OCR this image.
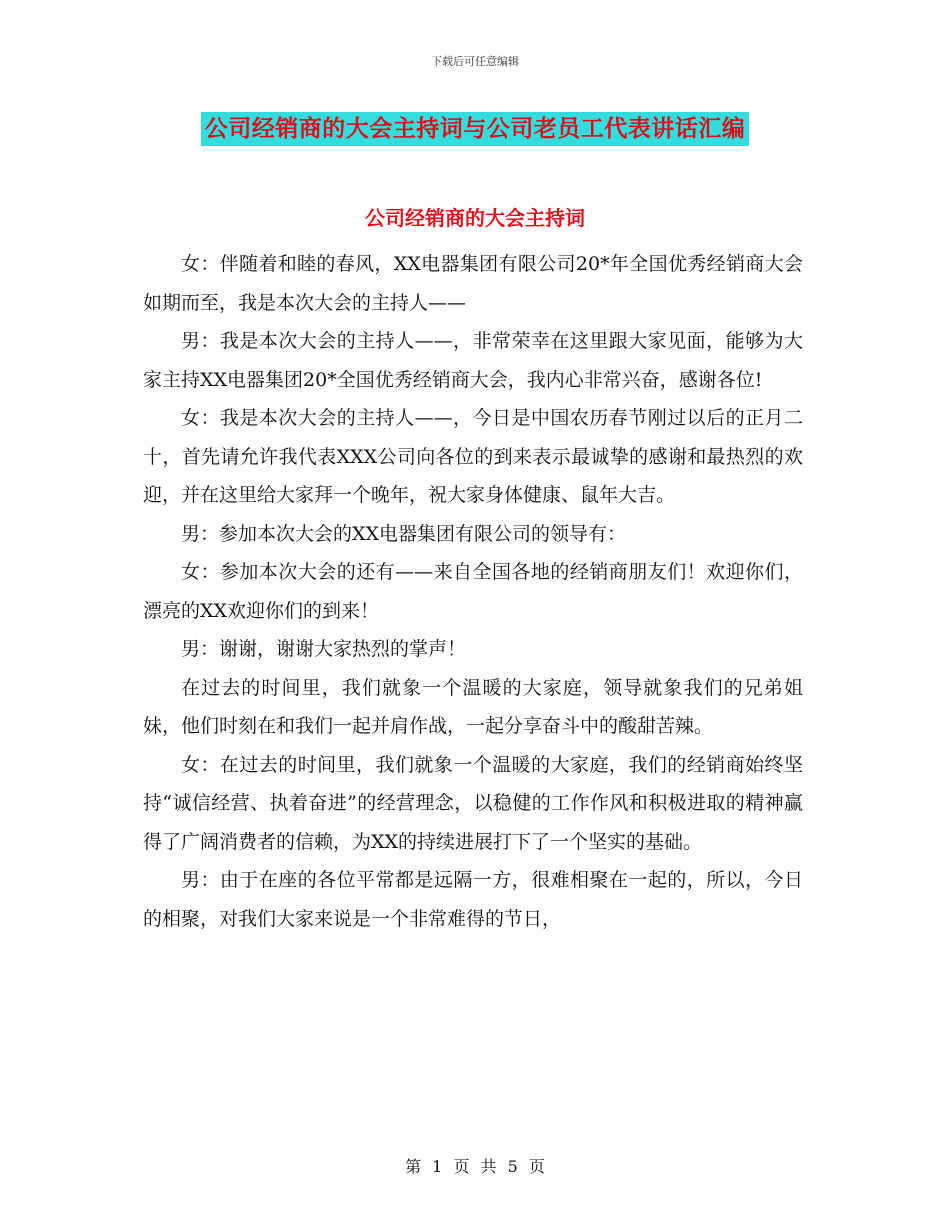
下载后可任意编辑
公司经销商的大会主持词与公司老员工代表讲话汇编
公司经销商的大会主持词

女：伴随着和睦的春风，XX电器集团有限公司20*年全国优秀经销商大会如期而至，我是本次大会的主持人——

男：我是本次大会的主持人——，非常荣幸在这里跟大家见面，能够为大家主持XX电器集团20*全国优秀经销商大会，我内心非常兴奋，感谢各位!

女：我是本次大会的主持人——，今日是中国农历春节刚过以后的正月二十，首先请允许我代表XXX公司向各位的到来表示最诚挚的感谢和最热烈的欢迎，并在这里给大家拜一个晚年，祝大家身体健康、鼠年大吉。

男：参加本次大会的XX电器集团有限公司的领导有：

女：参加本次大会的还有——来自全国各地的经销商朋友们！欢迎你们，漂亮的XX欢迎你们的到来！

男：谢谢，谢谢大家热烈的掌声！

在过去的时间里，我们就象一个温暖的大家庭，领导就象我们的兄弟姐妹，他们时刻在和我们一起并肩作战，一起分享奋斗中的酸甜苦辣。

女：在过去的时间里，我们就象一个温暖的大家庭，我们的经销商始终坚持“诚信经营、执着奋进”的经营理念，以稳健的工作作风和积极进取的精神赢得了广阔消费者的信赖，为XX的持续进展打下了一个坚实的基础。

男：由于在座的各位平常都是远隔一方，很难相聚在一起的，所以，今日的相聚，对我们大家来说是一个非常难得的节日，

第 1 页 共 5 页
